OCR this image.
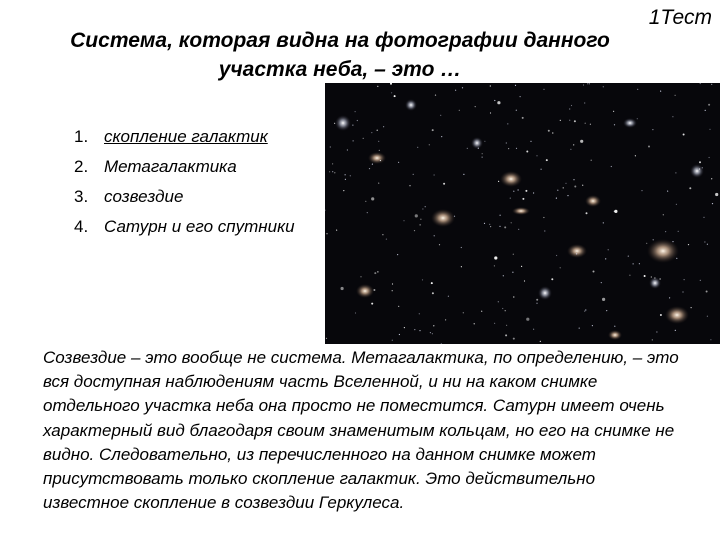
1Тест
Система, которая видна на фотографии данного участка неба, – это …
1. скопление галактик
2. Метагалактика
3. созвездие
4. Сатурн и его спутники

Созвездие – это вообще не система. Метагалактика, по определению, – это вся доступная наблюдениям часть Вселенной, и ни на каком снимке отдельного участка неба она просто не поместится. Сатурн имеет очень характерный вид благодаря своим знаменитым кольцам, но его на снимке не видно. Следовательно, из перечисленного на данном снимке может присутствовать только скопление галактик. Это действительно известное скопление в созвездии Геркулеса.
